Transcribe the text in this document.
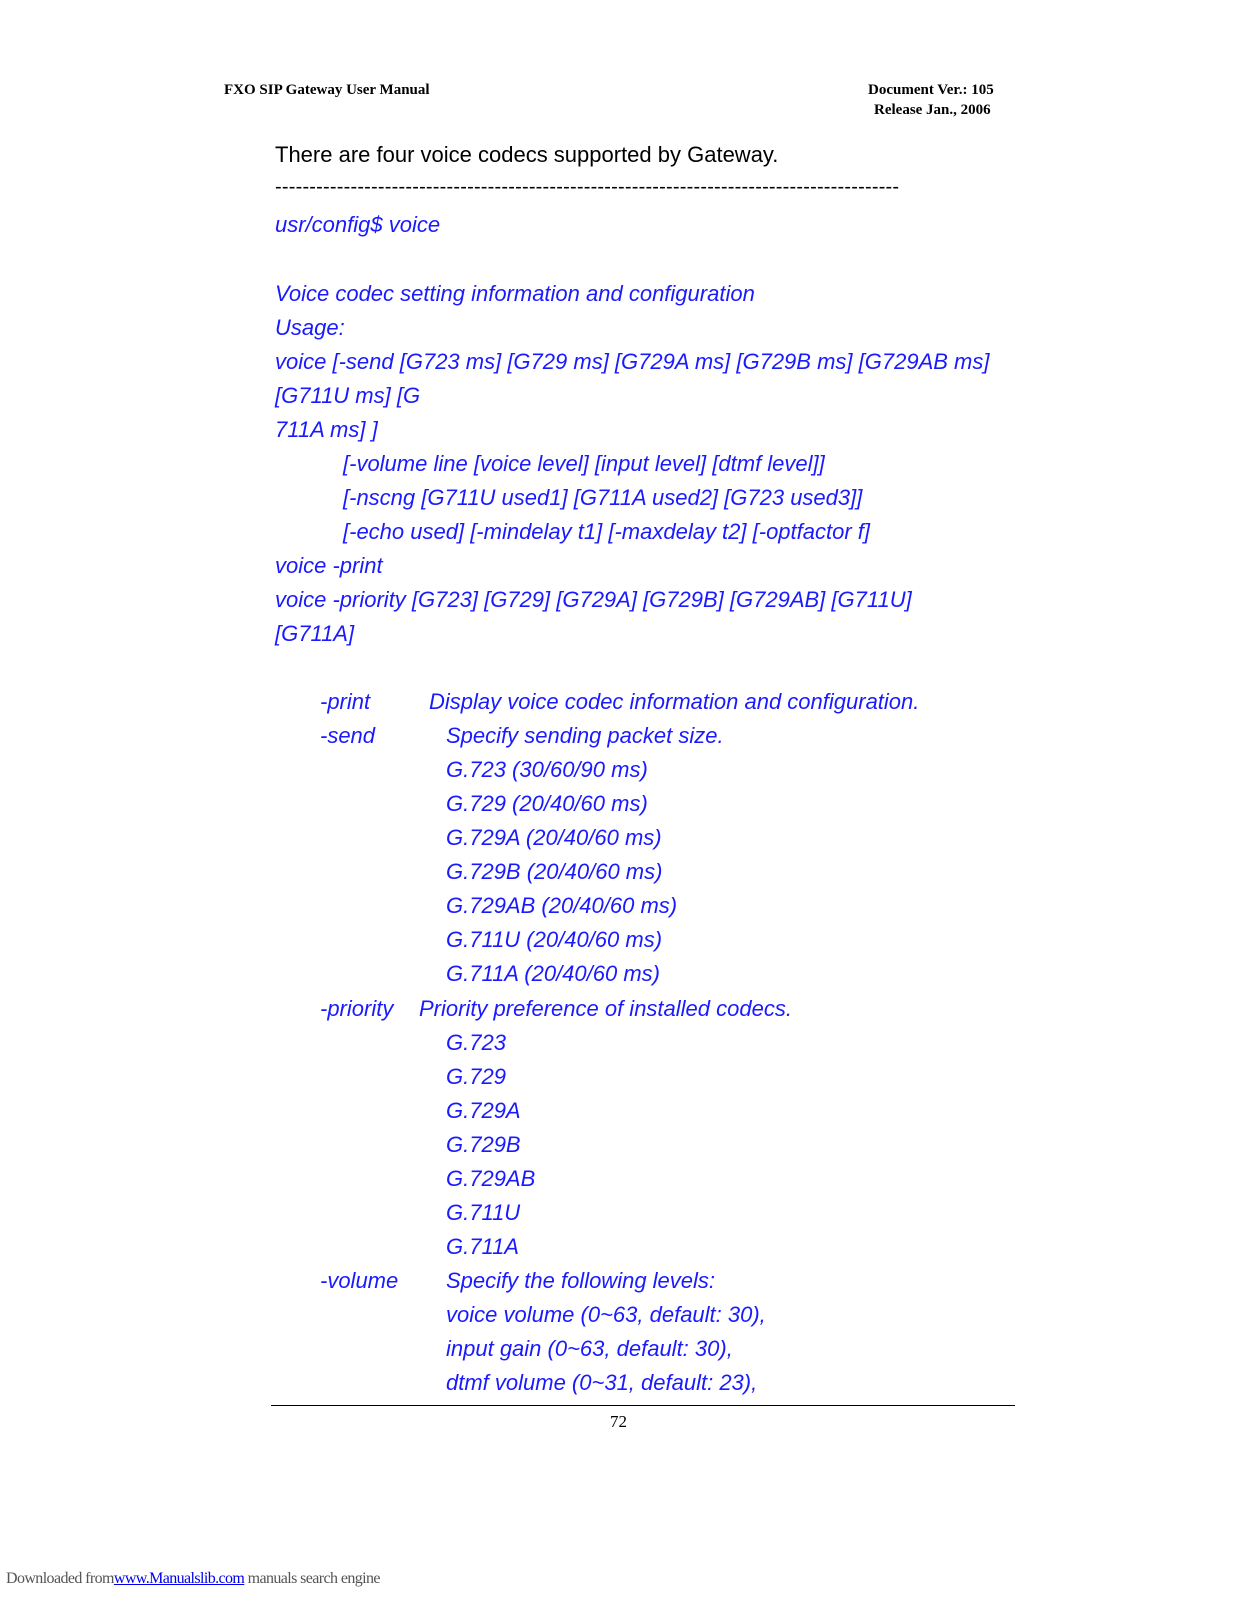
FXO SIP Gateway User Manual	Document Ver.: 105
Release Jan., 2006
There are four voice codecs supported by Gateway.
-------------------------------------------------------------------------------------------
usr/config$ voice
Voice codec setting information and configuration
Usage:
voice [-send [G723 ms] [G729 ms] [G729A ms] [G729B ms] [G729AB ms]
[G711U ms] [G
711A ms] ]
[-volume line [voice level] [input level] [dtmf level]]
[-nscng [G711U used1] [G711A used2] [G723 used3]]
[-echo used] [-mindelay t1] [-maxdelay t2] [-optfactor f]
voice -print
voice -priority [G723] [G729] [G729A] [G729B] [G729AB] [G711U]
[G711A]
-print	Display voice codec information and configuration.
-send	Specify sending packet size.
G.723 (30/60/90 ms)
G.729 (20/40/60 ms)
G.729A (20/40/60 ms)
G.729B (20/40/60 ms)
G.729AB (20/40/60 ms)
G.711U (20/40/60 ms)
G.711A (20/40/60 ms)
-priority Priority preference of installed codecs.
G.723
G.729
G.729A
G.729B
G.729AB
G.711U
G.711A
-volume Specify the following levels:
voice volume (0~63, default: 30),
input gain (0~63, default: 30),
dtmf volume (0~31, default: 23),
72
Downloaded fromwww.Manualslib.com manuals search engine
